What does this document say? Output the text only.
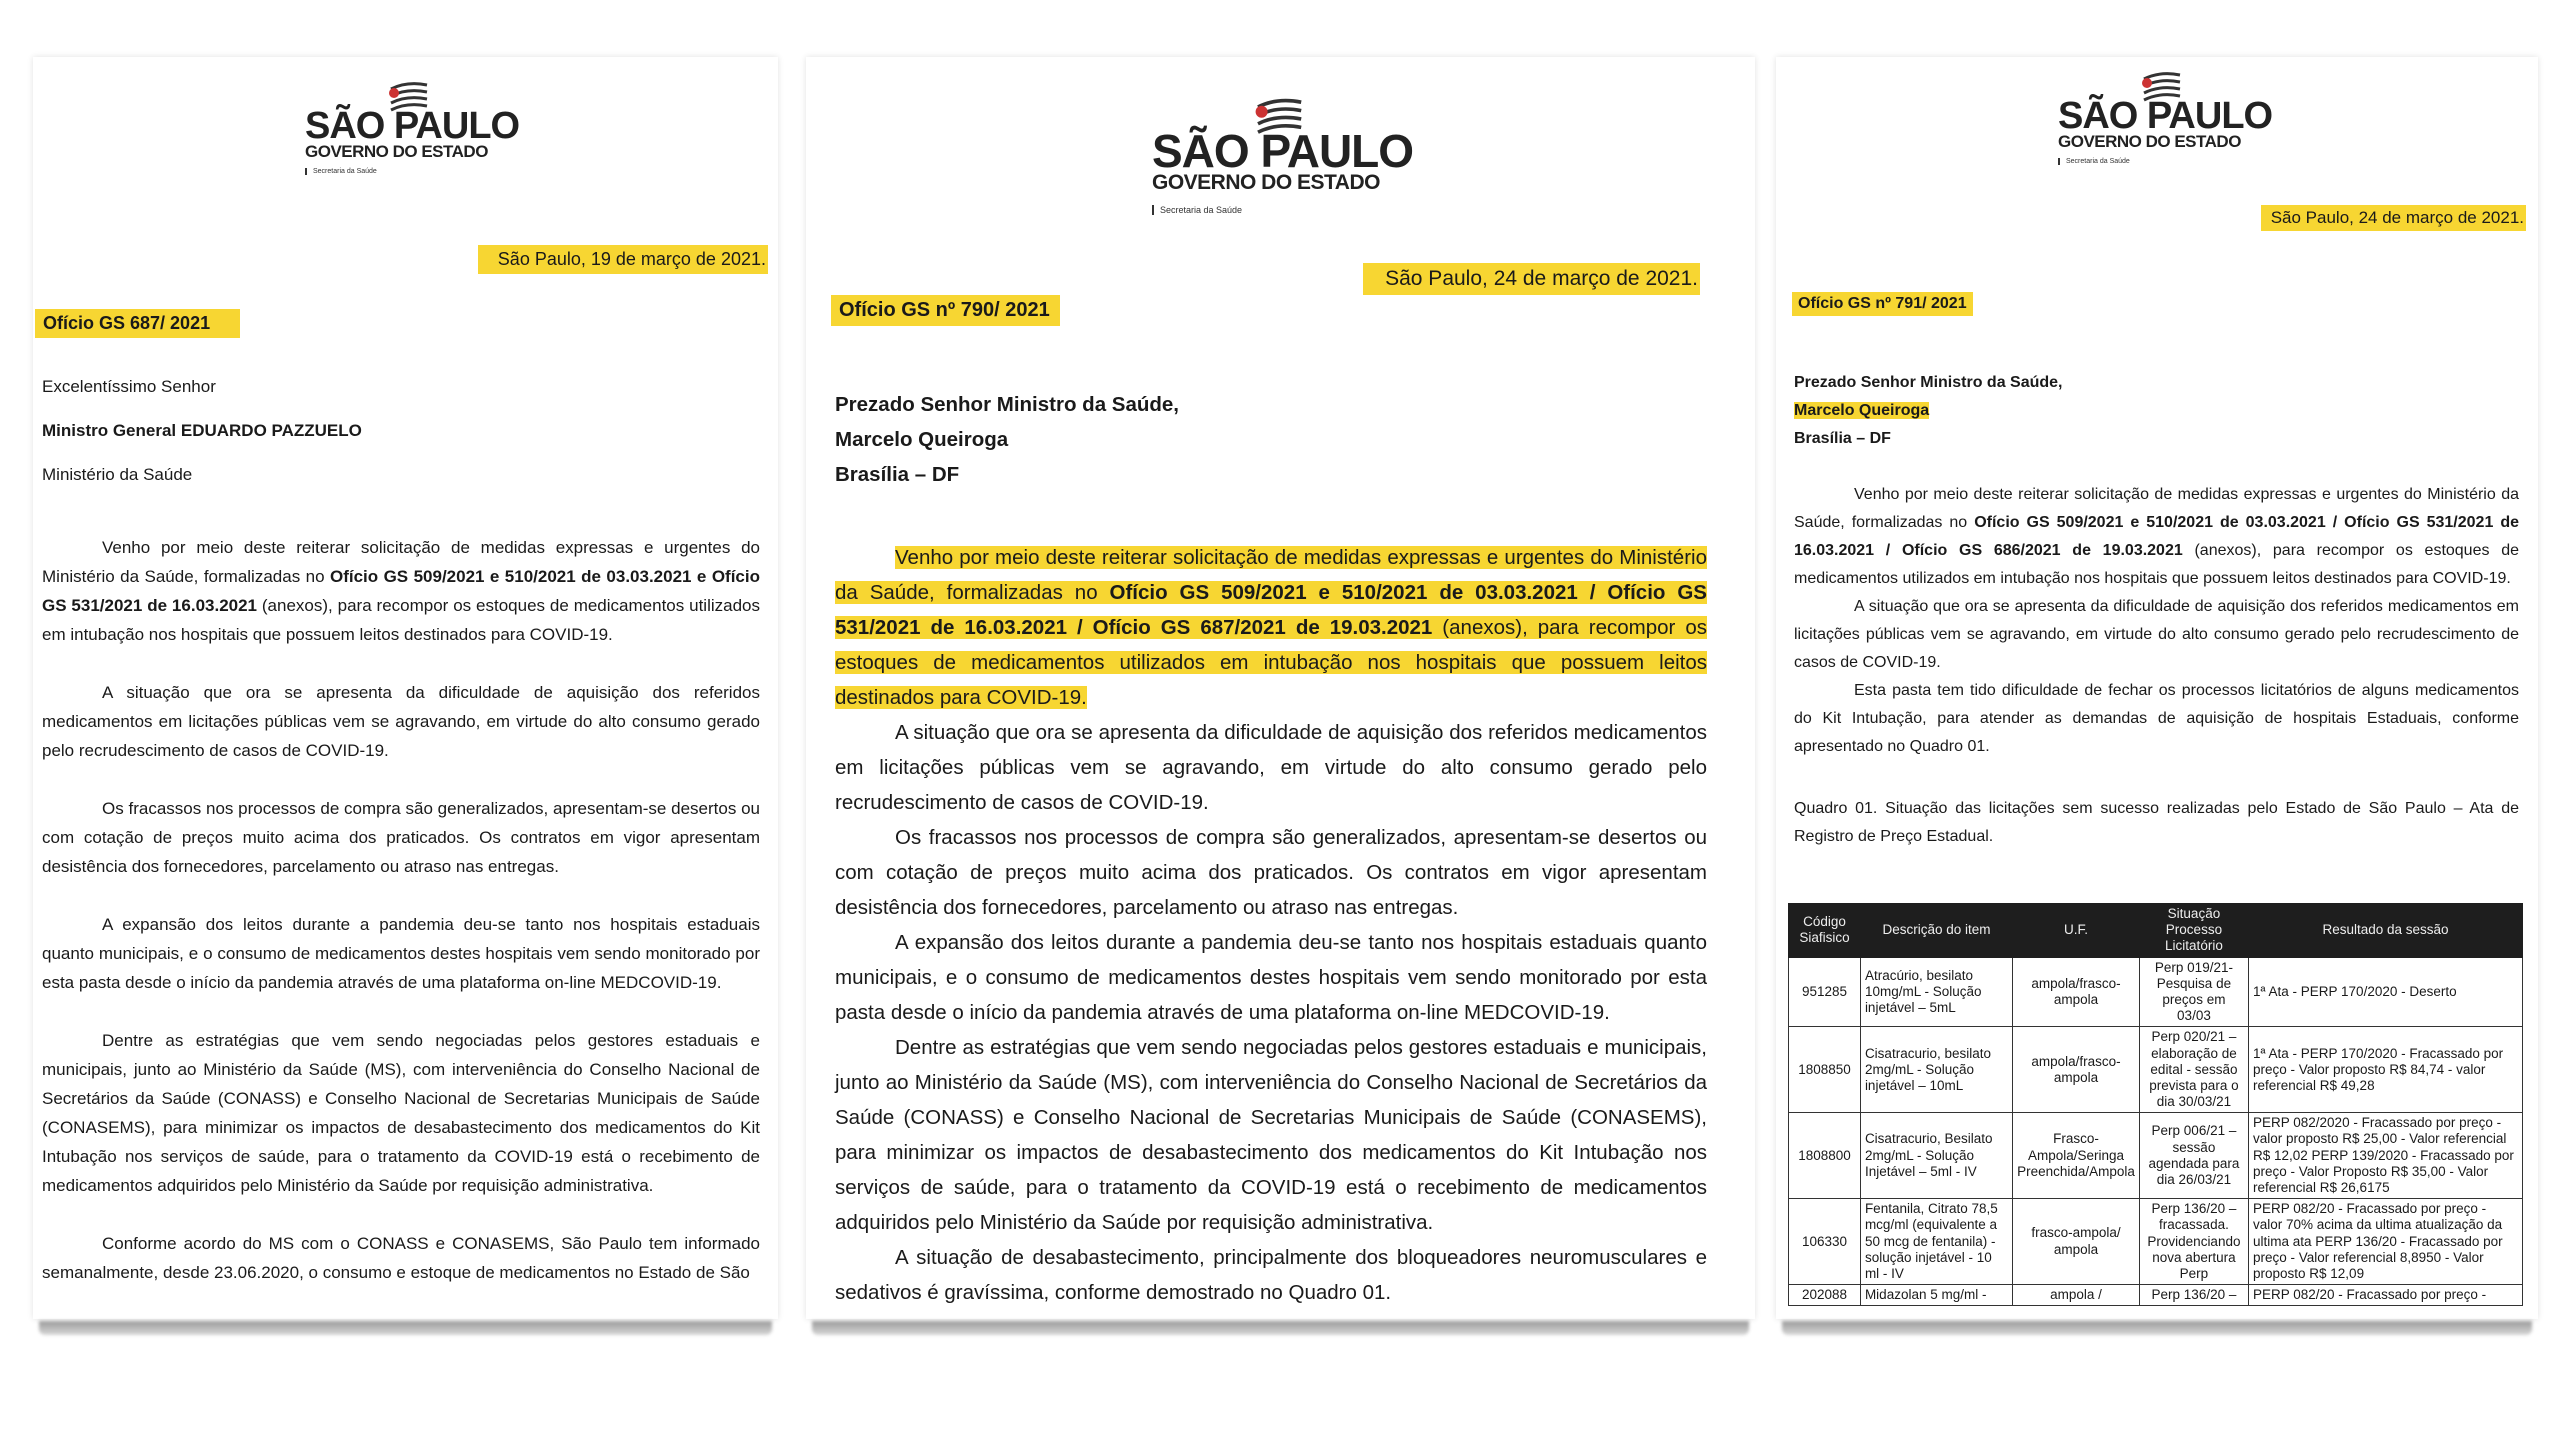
SÃO PAULO
GOVERNO DO ESTADO
Secretaria da Saúde
São Paulo, 19 de março de 2021.
Ofício GS 687/ 2021

Excelentíssimo Senhor

Ministro General EDUARDO PAZZUELO

Ministério da Saúde

Venho por meio deste reiterar solicitação de medidas expressas e urgentes do Ministério da Saúde, formalizadas no Ofício GS 509/2021 e 510/2021 de 03.03.2021 e Ofício GS 531/2021 de 16.03.2021 (anexos), para recompor os estoques de medicamentos utilizados em intubação nos hospitais que possuem leitos destinados para COVID-19.

A situação que ora se apresenta da dificuldade de aquisição dos referidos medicamentos em licitações públicas vem se agravando, em virtude do alto consumo gerado pelo recrudescimento de casos de COVID-19.

Os fracassos nos processos de compra são generalizados, apresentam-se desertos ou com cotação de preços muito acima dos praticados. Os contratos em vigor apresentam desistência dos fornecedores, parcelamento ou atraso nas entregas.

A expansão dos leitos durante a pandemia deu-se tanto nos hospitais estaduais quanto municipais, e o consumo de medicamentos destes hospitais vem sendo monitorado por esta pasta desde o início da pandemia através de uma plataforma on-line MEDCOVID-19.

Dentre as estratégias que vem sendo negociadas pelos gestores estaduais e municipais, junto ao Ministério da Saúde (MS), com interveniência do Conselho Nacional de Secretários da Saúde (CONASS) e Conselho Nacional de Secretarias Municipais de Saúde (CONASEMS), para minimizar os impactos de desabastecimento dos medicamentos do Kit Intubação nos serviços de saúde, para o tratamento da COVID-19 está o recebimento de medicamentos adquiridos pelo Ministério da Saúde por requisição administrativa.

Conforme acordo do MS com o CONASS e CONASEMS, São Paulo tem informado semanalmente, desde 23.06.2020, o consumo e estoque de medicamentos no Estado de São

SÃO PAULO
GOVERNO DO ESTADO
Secretaria da Saúde
São Paulo, 24 de março de 2021.
Ofício GS nº 790/ 2021

Prezado Senhor Ministro da Saúde,

Marcelo Queiroga

Brasília – DF

Venho por meio deste reiterar solicitação de medidas expressas e urgentes do Ministério da Saúde, formalizadas no Ofício GS 509/2021 e 510/2021 de 03.03.2021 / Ofício GS 531/2021 de 16.03.2021 / Ofício GS 687/2021 de 19.03.2021 (anexos), para recompor os estoques de medicamentos utilizados em intubação nos hospitais que possuem leitos destinados para COVID-19.

A situação que ora se apresenta da dificuldade de aquisição dos referidos medicamentos em licitações públicas vem se agravando, em virtude do alto consumo gerado pelo recrudescimento de casos de COVID-19.

Os fracassos nos processos de compra são generalizados, apresentam-se desertos ou com cotação de preços muito acima dos praticados. Os contratos em vigor apresentam desistência dos fornecedores, parcelamento ou atraso nas entregas.

A expansão dos leitos durante a pandemia deu-se tanto nos hospitais estaduais quanto municipais, e o consumo de medicamentos destes hospitais vem sendo monitorado por esta pasta desde o início da pandemia através de uma plataforma on-line MEDCOVID-19.

Dentre as estratégias que vem sendo negociadas pelos gestores estaduais e municipais, junto ao Ministério da Saúde (MS), com interveniência do Conselho Nacional de Secretários da Saúde (CONASS) e Conselho Nacional de Secretarias Municipais de Saúde (CONASEMS), para minimizar os impactos de desabastecimento dos medicamentos do Kit Intubação nos serviços de saúde, para o tratamento da COVID-19 está o recebimento de medicamentos adquiridos pelo Ministério da Saúde por requisição administrativa.

A situação de desabastecimento, principalmente dos bloqueadores neuromusculares e sedativos é gravíssima, conforme demostrado no Quadro 01.

SÃO PAULO
GOVERNO DO ESTADO
Secretaria da Saúde
São Paulo, 24 de março de 2021.
Ofício GS nº 791/ 2021

Prezado Senhor Ministro da Saúde,

Marcelo Queiroga

Brasília – DF

Venho por meio deste reiterar solicitação de medidas expressas e urgentes do Ministério da Saúde, formalizadas no Ofício GS 509/2021 e 510/2021 de 03.03.2021 / Ofício GS 531/2021 de 16.03.2021 / Ofício GS 686/2021 de 19.03.2021 (anexos), para recompor os estoques de medicamentos utilizados em intubação nos hospitais que possuem leitos destinados para COVID-19.

A situação que ora se apresenta da dificuldade de aquisição dos referidos medicamentos em licitações públicas vem se agravando, em virtude do alto consumo gerado pelo recrudescimento de casos de COVID-19.

Esta pasta tem tido dificuldade de fechar os processos licitatórios de alguns medicamentos do Kit Intubação, para atender as demandas de aquisição de hospitais Estaduais, conforme apresentado no Quadro 01.

Quadro 01. Situação das licitações sem sucesso realizadas pelo Estado de São Paulo – Ata de Registro de Preço Estadual.

Código Siafisico	Descrição do item	U.F.	Situação Processo Licitatório	Resultado da sessão
951285	Atracúrio, besilato 10mg/mL - Solução injetável – 5mL	ampola/frasco-ampola	Perp 019/21- Pesquisa de preços em 03/03	1ª Ata - PERP 170/2020 - Deserto
1808850	Cisatracurio, besilato 2mg/mL - Solução injetável – 10mL	ampola/frasco-ampola	Perp 020/21 – elaboração de edital - sessão prevista para o dia 30/03/21	1ª Ata - PERP 170/2020 - Fracassado por preço - Valor proposto R$ 84,74 - valor referencial R$ 49,28
1808800	Cisatracurio, Besilato 2mg/mL - Solução Injetável – 5ml - IV	Frasco-Ampola/Seringa Preenchida/Ampola	Perp 006/21 – sessão agendada para dia 26/03/21	PERP 082/2020 - Fracassado por preço - valor proposto R$ 25,00 - Valor referencial R$ 12,02 PERP 139/2020 - Fracassado por preço - Valor Proposto R$ 35,00 - Valor referencial R$ 26,6175
106330	Fentanila, Citrato 78,5 mcg/ml (equivalente a 50 mcg de fentanila) - solução injetável - 10 ml - IV	frasco-ampola/ ampola	Perp 136/20 – fracassada. Providenciando nova abertura Perp	PERP 082/20 - Fracassado por preço - valor 70% acima da ultima atualização da ultima ata PERP 136/20 - Fracassado por preço - Valor referencial 8,8950 - Valor proposto R$ 12,09
202088	Midazolan 5 mg/ml -	ampola /	Perp 136/20 –	PERP 082/20 - Fracassado por preço -
